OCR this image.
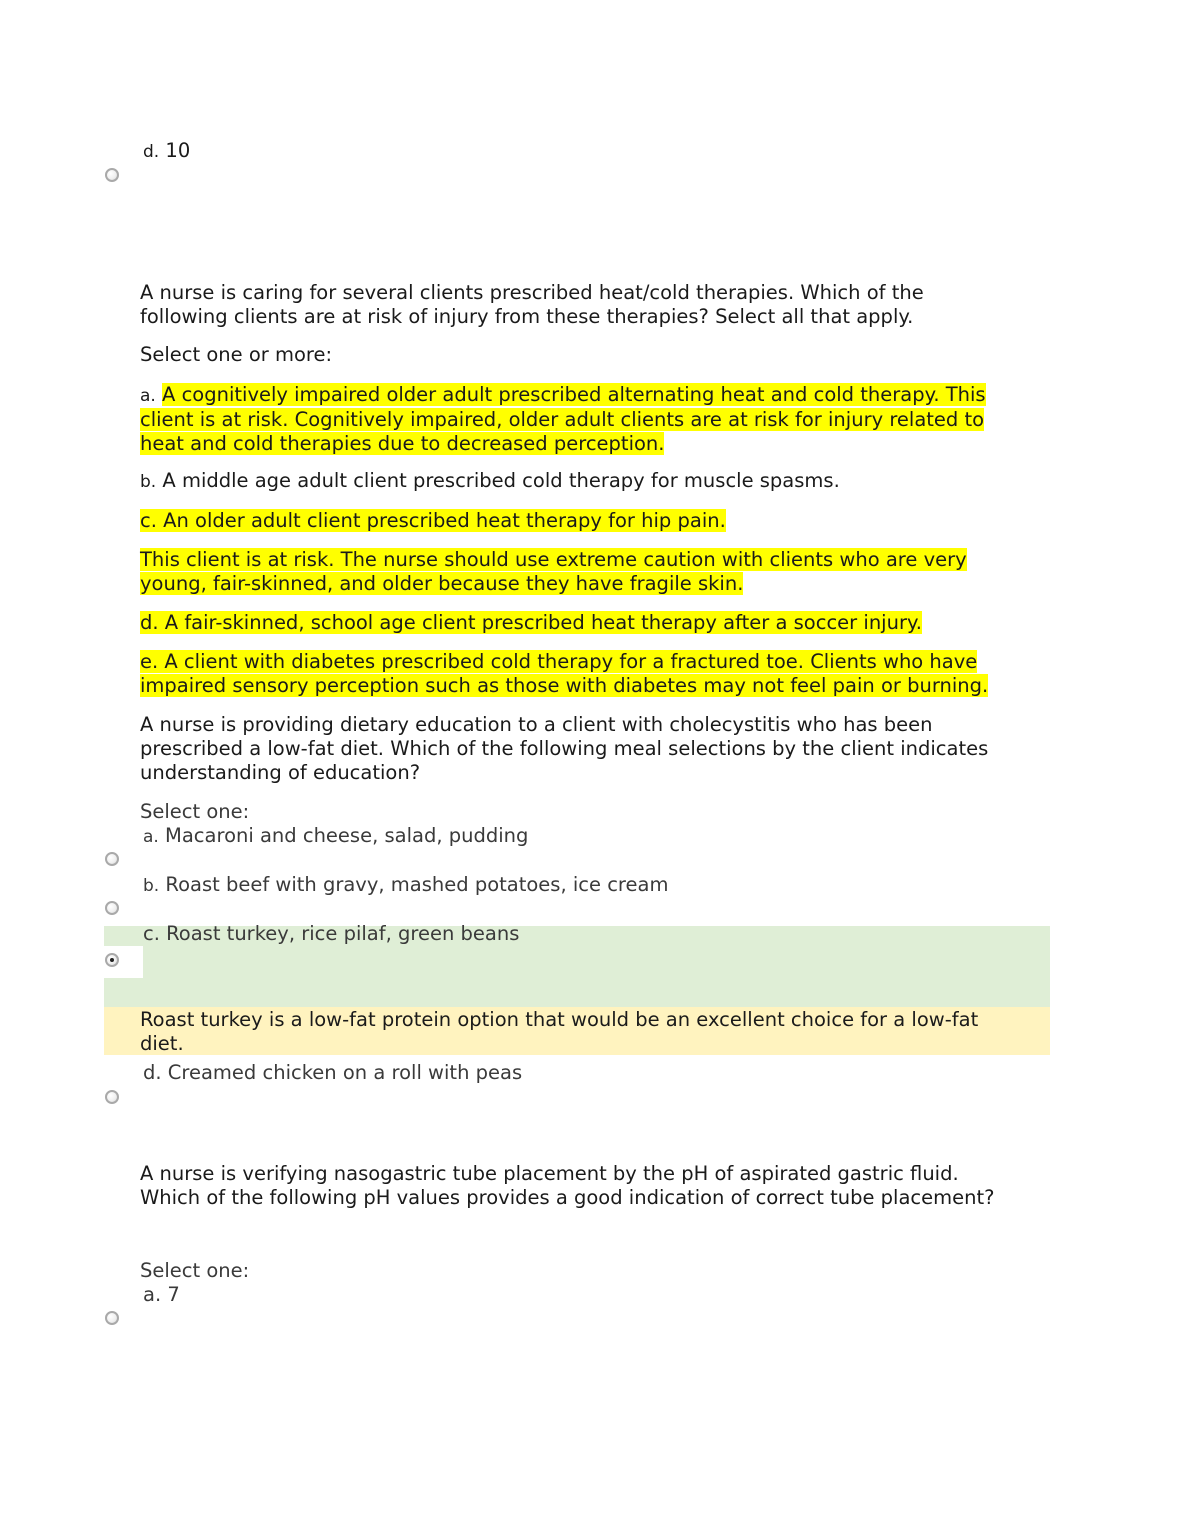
d. 10
A nurse is caring for several clients prescribed heat/cold therapies. Which of the
following clients are at risk of injury from these therapies? Select all that apply.
Select one or more:
a. A cognitively impaired older adult prescribed alternating heat and cold therapy. This
client is at risk. Cognitively impaired, older adult clients are at risk for injury related to
heat and cold therapies due to decreased perception.
b. A middle age adult client prescribed cold therapy for muscle spasms.
c. An older adult client prescribed heat therapy for hip pain.
This client is at risk. The nurse should use extreme caution with clients who are very
young, fair-skinned, and older because they have fragile skin.
d. A fair-skinned, school age client prescribed heat therapy after a soccer injury.
e. A client with diabetes prescribed cold therapy for a fractured toe. Clients who have
impaired sensory perception such as those with diabetes may not feel pain or burning.
A nurse is providing dietary education to a client with cholecystitis who has been
prescribed a low-fat diet. Which of the following meal selections by the client indicates
understanding of education?
Select one:
a. Macaroni and cheese, salad, pudding
b. Roast beef with gravy, mashed potatoes, ice cream
c. Roast turkey, rice pilaf, green beans
Roast turkey is a low-fat protein option that would be an excellent choice for a low-fat
diet.
d. Creamed chicken on a roll with peas
A nurse is verifying nasogastric tube placement by the pH of aspirated gastric fluid.
Which of the following pH values provides a good indication of correct tube placement?
Select one:
a. 7
